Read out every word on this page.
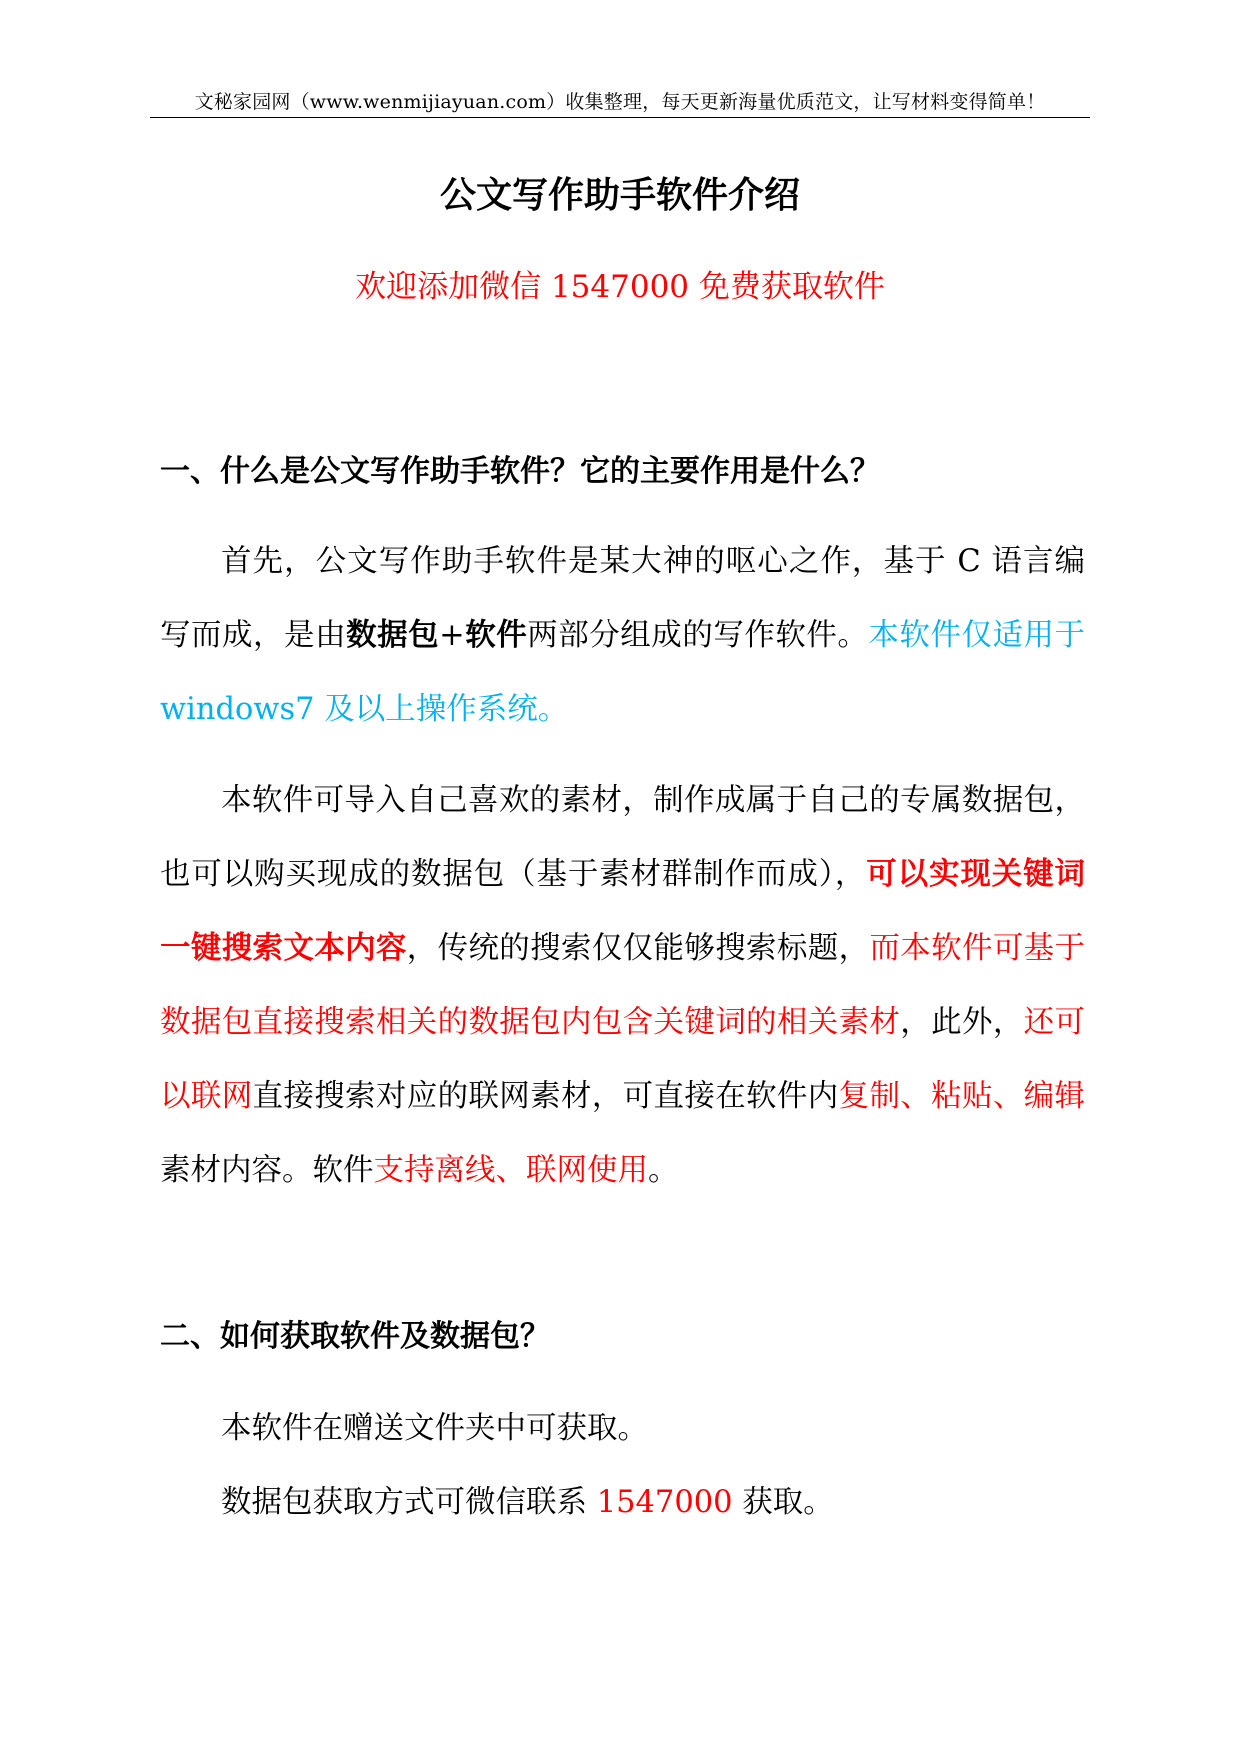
文秘家园网（www.wenmijiayuan.com）收集整理，每天更新海量优质范文，让写材料变得简单！
公文写作助手软件介绍
欢迎添加微信 1547000 免费获取软件
一、什么是公文写作助手软件？它的主要作用是什么？
首先，公文写作助手软件是某大神的呕心之作，基于 C 语言编写而成，是由数据包+软件两部分组成的写作软件。本软件仅适用于 windows7 及以上操作系统。
本软件可导入自己喜欢的素材，制作成属于自己的专属数据包，也可以购买现成的数据包（基于素材群制作而成），可以实现关键词一键搜索文本内容，传统的搜索仅仅能够搜索标题，而本软件可基于数据包直接搜索相关的数据包内包含关键词的相关素材，此外，还可以联网直接搜索对应的联网素材，可直接在软件内复制、粘贴、编辑素材内容。软件支持离线、联网使用。
二、如何获取软件及数据包？
本软件在赠送文件夹中可获取。
数据包获取方式可微信联系 1547000 获取。
